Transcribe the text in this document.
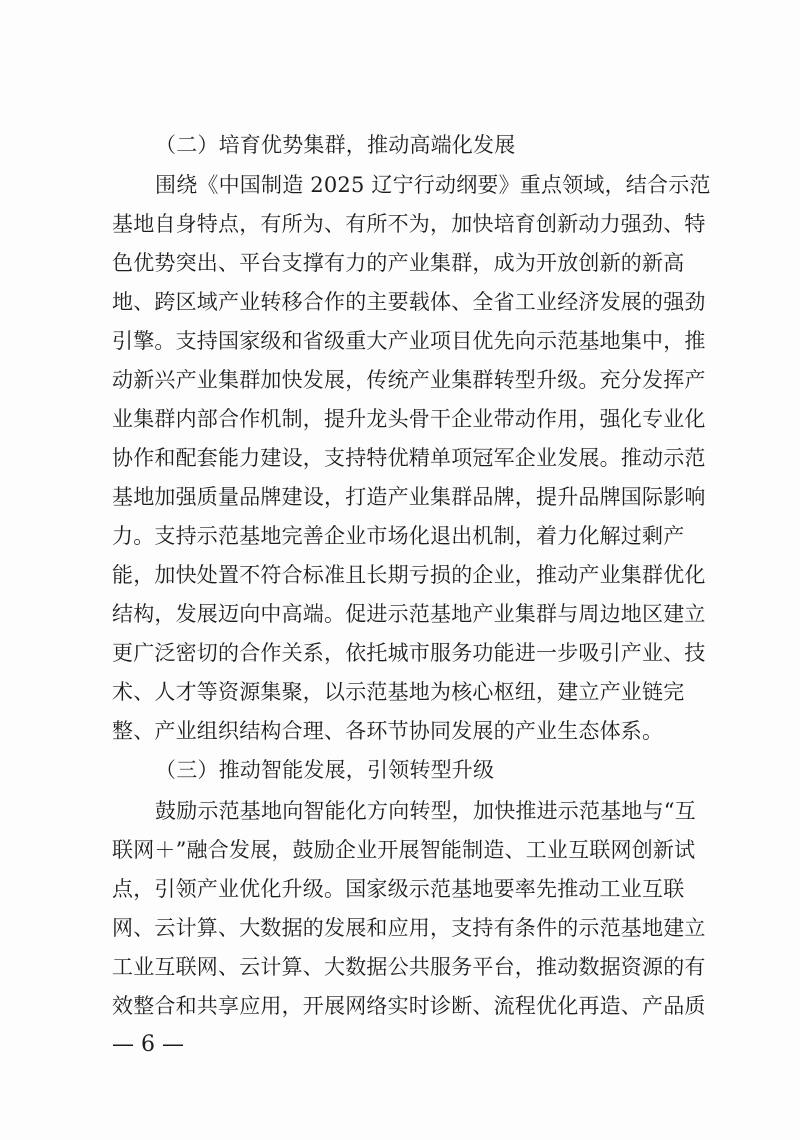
（二）培育优势集群，推动高端化发展
围绕《中国制造 2025 辽宁行动纲要》重点领域，结合示范
基地自身特点，有所为、有所不为，加快培育创新动力强劲、特
色优势突出、平台支撑有力的产业集群，成为开放创新的新高
地、跨区域产业转移合作的主要载体、全省工业经济发展的强劲
引擎。支持国家级和省级重大产业项目优先向示范基地集中，推
动新兴产业集群加快发展，传统产业集群转型升级。充分发挥产
业集群内部合作机制，提升龙头骨干企业带动作用，强化专业化
协作和配套能力建设，支持特优精单项冠军企业发展。推动示范
基地加强质量品牌建设，打造产业集群品牌，提升品牌国际影响
力。支持示范基地完善企业市场化退出机制，着力化解过剩产
能，加快处置不符合标准且长期亏损的企业，推动产业集群优化
结构，发展迈向中高端。促进示范基地产业集群与周边地区建立
更广泛密切的合作关系，依托城市服务功能进一步吸引产业、技
术、人才等资源集聚，以示范基地为核心枢纽，建立产业链完
整、产业组织结构合理、各环节协同发展的产业生态体系。
（三）推动智能发展，引领转型升级
鼓励示范基地向智能化方向转型，加快推进示范基地与“互
联网＋”融合发展，鼓励企业开展智能制造、工业互联网创新试
点，引领产业优化升级。国家级示范基地要率先推动工业互联
网、云计算、大数据的发展和应用，支持有条件的示范基地建立
工业互联网、云计算、大数据公共服务平台，推动数据资源的有
效整合和共享应用，开展网络实时诊断、流程优化再造、产品质
— 6 —
